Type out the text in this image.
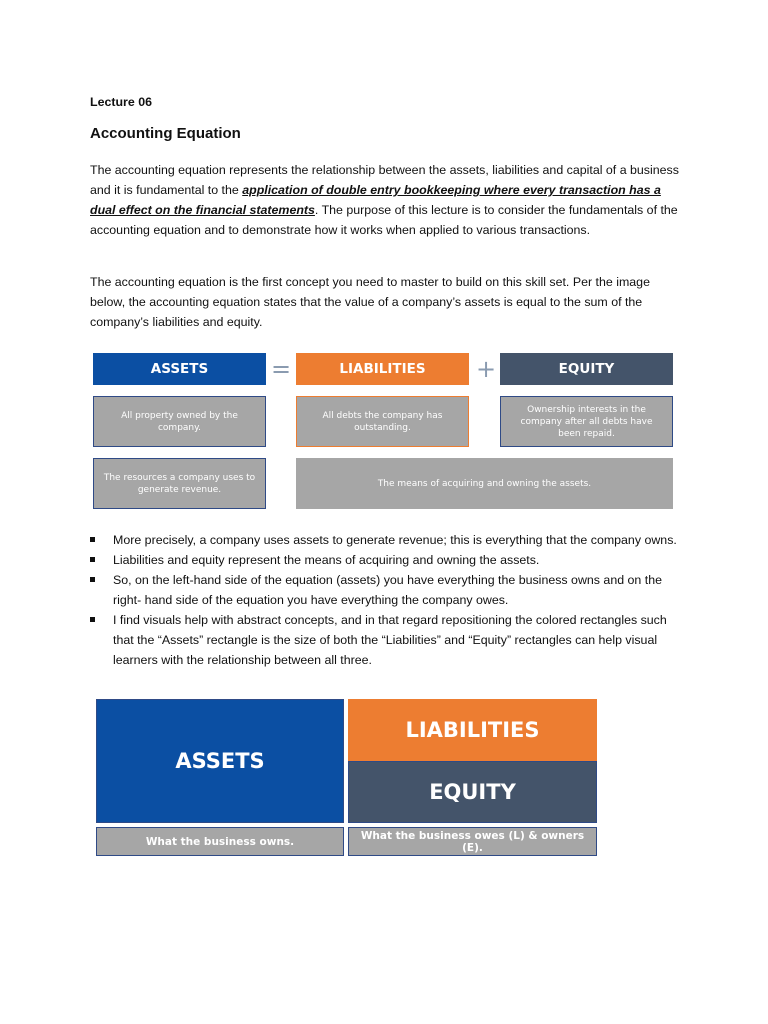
Lecture 06

Accounting Equation

The accounting equation represents the relationship between the assets, liabilities and capital of a business and it is fundamental to the application of double entry bookkeeping where every transaction has a dual effect on the financial statements. The purpose of this lecture is to consider the fundamentals of the accounting equation and to demonstrate how it works when applied to various transactions.

The accounting equation is the first concept you need to master to build on this skill set. Per the image below, the accounting equation states that the value of a company’s assets is equal to the sum of the company’s liabilities and equity.

ASSETS	=	LIABILITIES	+	EQUITY
All property owned by the company.
All debts the company has outstanding.
Ownership interests in the company after all debts have been repaid.
The resources a company uses to generate revenue.
The means of acquiring and owning the assets.
More precisely, a company uses assets to generate revenue; this is everything that the company owns.
Liabilities and equity represent the means of acquiring and owning the assets.
So, on the left-hand side of the equation (assets) you have everything the business owns and on the right- hand side of the equation you have everything the company owes.
I find visuals help with abstract concepts, and in that regard repositioning the colored rectangles such that the “Assets” rectangle is the size of both the “Liabilities” and “Equity” rectangles can help visual learners with the relationship between all three.
ASSETS
LIABILITIES
EQUITY
What the business owns.	What the business owes (L) & owners (E).
